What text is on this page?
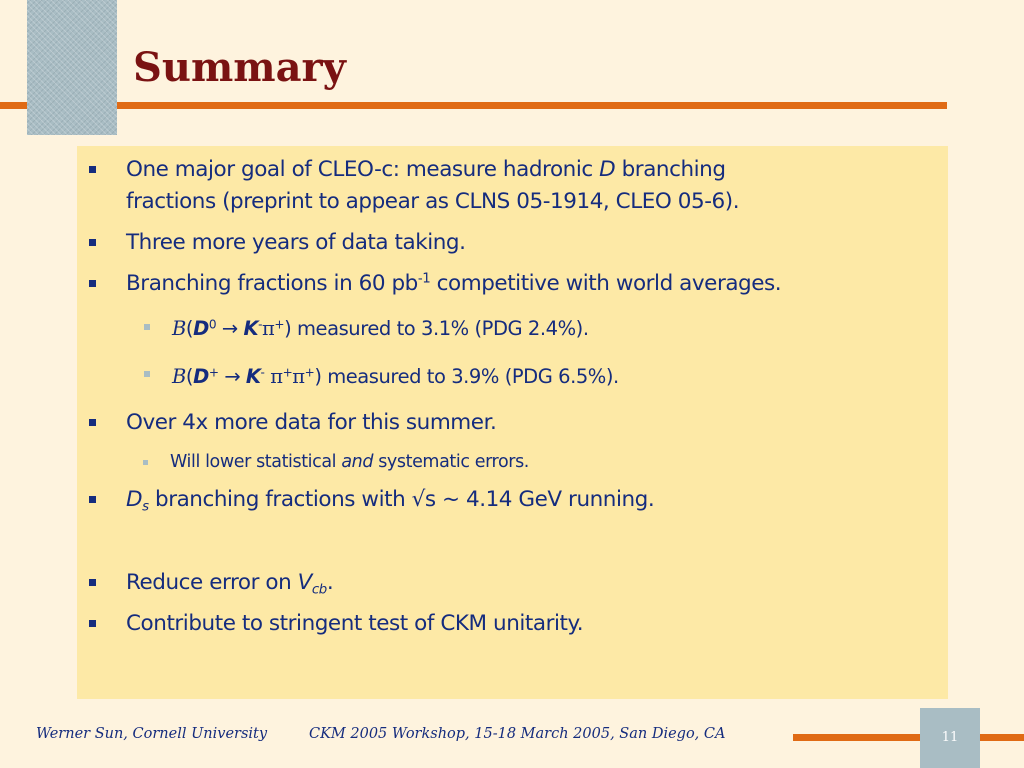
Summary

One major goal of CLEO-c: measure hadronic D branching

fractions (preprint to appear as CLNS 05-1914, CLEO 05-6).

Three more years of data taking.

Branching fractions in 60 $pb^{-1}$ competitive with world averages.

$B(D^0 \to K^-\pi^+)$ measured to 3.1% (PDG 2.4%).

B(D+ → K- π+π+) measured to 3.9% (PDG 6.5%).

Over 4x more data for this summer.

Will lower statistical and systematic errors.

$D_s$ branching fractions with √s ~ 4.14 GeV running.

Reduce error on $V_{cb}$.

Contribute to stringent test of CKM unitarity.

Werner Sun, Cornell University	CKM 2005 Workshop, 15-18 March 2005, San Diego, CA	11
